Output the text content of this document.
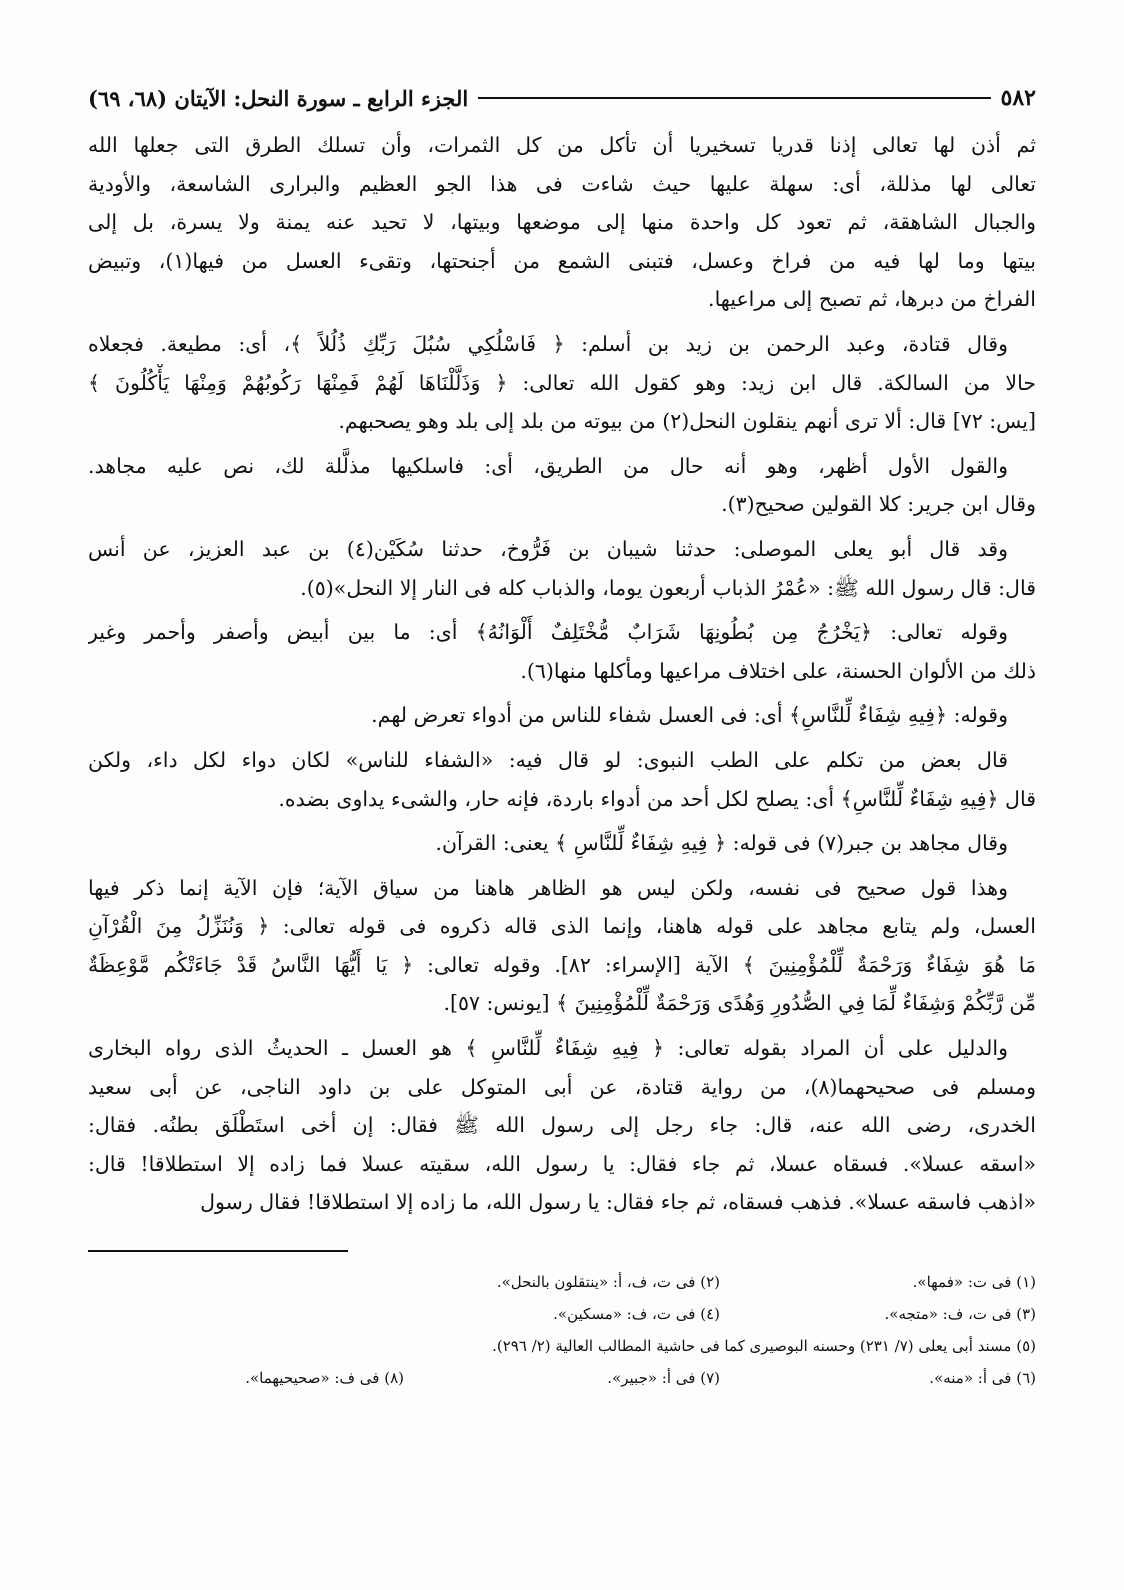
٥٨٢
الجزء الرابع ـ سورة النحل: الآيتان (٦٨، ٦٩)
ثم أذن لها تعالى إذنا قدريا تسخيريا أن تأكل من كل الثمرات، وأن تسلك الطرق التى جعلها الله
تعالى لها مذللة، أى: سهلة عليها حيث شاءت فى هذا الجو العظيم والبرارى الشاسعة، والأودية
والجبال الشاهقة، ثم تعود كل واحدة منها إلى موضعها وبيتها، لا تحيد عنه يمنة ولا يسرة، بل إلى
بيتها وما لها فيه من فراخ وعسل، فتبنى الشمع من أجنحتها، وتقىء العسل من فيها(١)، وتبيض
الفراخ من دبرها، ثم تصبح إلى مراعيها.
وقال قتادة، وعبد الرحمن بن زيد بن أسلم: ﴿ فَاسْلُكِي سُبُلَ رَبِّكِ ذُلُلاً ﴾، أى: مطيعة. فجعلاه
حالا من السالكة. قال ابن زيد: وهو كقول الله تعالى: ﴿ وَذَلَّلْنَاهَا لَهُمْ فَمِنْهَا رَكُوبُهُمْ وَمِنْهَا يَأْكُلُونَ ﴾
[يس: ٧٢] قال: ألا ترى أنهم ينقلون النحل(٢) من بيوته من بلد إلى بلد وهو يصحبهم.
والقول الأول أظهر، وهو أنه حال من الطريق، أى: فاسلكيها مذلَّلة لك، نص عليه مجاهد.
وقال ابن جرير: كلا القولين صحيح(٣).
وقد قال أبو يعلى الموصلى: حدثنا شيبان بن فَرُّوخ، حدثنا سُكَيْن(٤) بن عبد العزيز، عن أنس
قال: قال رسول الله ﷺ: «عُمْرُ الذباب أربعون يوما، والذباب كله فى النار إلا النحل»(٥).
وقوله تعالى: ﴿يَخْرُجُ مِن بُطُونِهَا شَرَابٌ مُّخْتَلِفٌ أَلْوَانُهُ﴾ أى: ما بين أبيض وأصفر وأحمر وغير
ذلك من الألوان الحسنة، على اختلاف مراعيها ومأكلها منها(٦).
وقوله: ﴿فِيهِ شِفَاءٌ لِّلنَّاسِ﴾ أى: فى العسل شفاء للناس من أدواء تعرض لهم.
قال بعض من تكلم على الطب النبوى: لو قال فيه: «الشفاء للناس» لكان دواء لكل داء، ولكن
قال ﴿فِيهِ شِفَاءٌ لِّلنَّاسِ﴾ أى: يصلح لكل أحد من أدواء باردة، فإنه حار، والشىء يداوى بضده.
وقال مجاهد بن جبر(٧) فى قوله: ﴿ فِيهِ شِفَاءٌ لِّلنَّاسِ ﴾ يعنى: القرآن.
وهذا قول صحيح فى نفسه، ولكن ليس هو الظاهر هاهنا من سياق الآية؛ فإن الآية إنما ذكر فيها
العسل، ولم يتابع مجاهد على قوله هاهنا، وإنما الذى قاله ذكروه فى قوله تعالى: ﴿ وَنُنَزِّلُ مِنَ الْقُرْآنِ
مَا هُوَ شِفَاءٌ وَرَحْمَةٌ لِّلْمُؤْمِنِينَ ﴾ الآية [الإسراء: ٨٢]. وقوله تعالى: ﴿ يَا أَيُّهَا النَّاسُ قَدْ جَاءَتْكُم مَّوْعِظَةٌ
مِّن رَّبِّكُمْ وَشِفَاءٌ لِّمَا فِي الصُّدُورِ وَهُدًى وَرَحْمَةٌ لِّلْمُؤْمِنِينَ ﴾ [يونس: ٥٧].
والدليل على أن المراد بقوله تعالى: ﴿ فِيهِ شِفَاءٌ لِّلنَّاسِ ﴾ هو العسل ـ الحديثُ الذى رواه البخارى
ومسلم فى صحيحهما(٨)، من رواية قتادة، عن أبى المتوكل على بن داود الناجى، عن أبى سعيد
الخدرى، رضى الله عنه، قال: جاء رجل إلى رسول الله ﷺ فقال: إن أخى استَطْلَق بطنُه. فقال:
«اسقه عسلا». فسقاه عسلا، ثم جاء فقال: يا رسول الله، سقيته عسلا فما زاده إلا استطلاقا! قال:
«اذهب فاسقه عسلا». فذهب فسقاه، ثم جاء فقال: يا رسول الله، ما زاده إلا استطلاقا! فقال رسول
(١) فى ت: «فمها».
(٢) فى ت، ف، أ: «ينتقلون بالنحل».
(٣) فى ت، ف: «متجه».
(٤) فى ت، ف: «مسكين».
(٥) مسند أبى يعلى (٧/ ٢٣١) وحسنه البوصيرى كما فى حاشية المطالب العالية (٢/ ٢٩٦).
(٦) فى أ: «منه».
(٧) فى أ: «جبير».
(٨) فى ف: «صحيحيهما».
